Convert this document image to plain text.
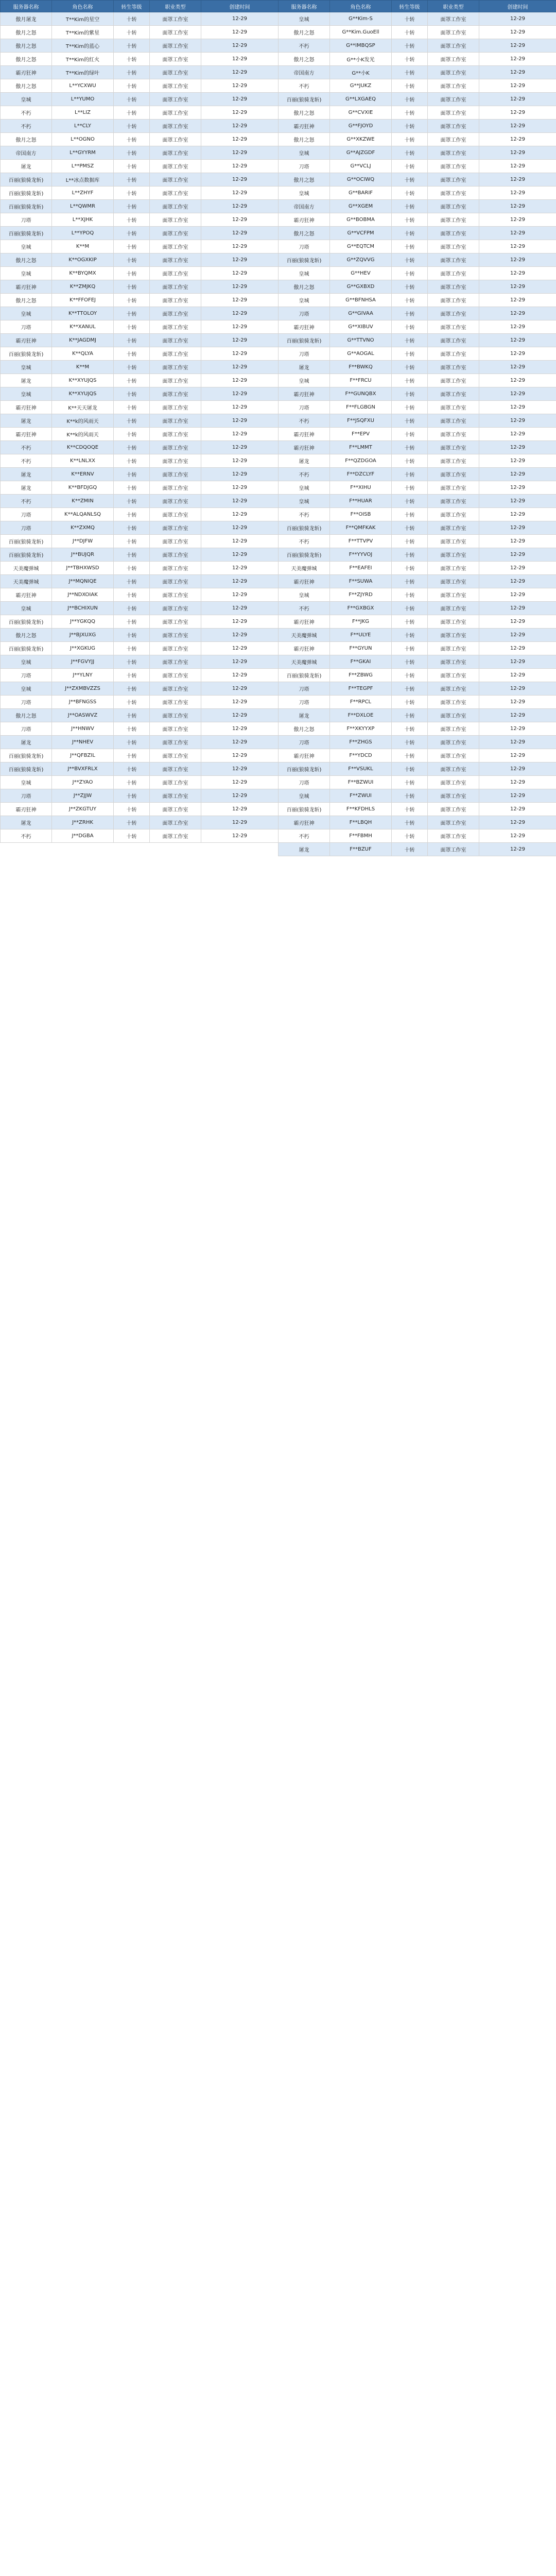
服务器名称	角色名称	转生等级	职业类型	创建时间
傲月屠龙	T**Kim的星空	十转	面罩工作室	12-29
傲月之怒	T**Kim的紫星	十转	面罩工作室	12-29
傲月之怒	T**Kim的蓝心	十转	面罩工作室	12-29
傲月之怒	T**Kim的红火	十转	面罩工作室	12-29
霸刃狂神	T**Kim的绿叶	十转	面罩工作室	12-29
傲月之怒	L**YCXWU	十转	面罩工作室	12-29
皇城	L**YUMO	十转	面罩工作室	12-29
不朽	L**LIZ	十转	面罩工作室	12-29
不朽	L**CLY	十转	面罩工作室	12-29
傲月之怒	L**OGNO	十转	面罩工作室	12-29
帝国南方	L**GYYRM	十转	面罩工作室	12-29
屠龙	L**PMSZ	十转	面罩工作室	12-29
百丽(狼骑龙斩)	L**冰点数据库	十转	面罩工作室	12-29
百丽(狼骑龙斩)	L**ZHYF	十转	面罩工作室	12-29
百丽(狼骑龙斩)	L**QWMR	十转	面罩工作室	12-29
刀塔	L**XJHK	十转	面罩工作室	12-29
百丽(狼骑龙斩)	L**YPOQ	十转	面罩工作室	12-29
皇城	K**M	十转	面罩工作室	12-29
傲月之怒	K**OGXKIP	十转	面罩工作室	12-29
皇城	K**BYQMX	十转	面罩工作室	12-29
霸刃狂神	K**ZMJKQ	十转	面罩工作室	12-29
傲月之怒	K**FFOFEJ	十转	面罩工作室	12-29
皇城	K**TTOLOY	十转	面罩工作室	12-29
刀塔	K**XANUL	十转	面罩工作室	12-29
霸刃狂神	K**JAGDMJ	十转	面罩工作室	12-29
百丽(狼骑龙斩)	K**QLYA	十转	面罩工作室	12-29
皇城	K**M	十转	面罩工作室	12-29
屠龙	K**XYUJQS	十转	面罩工作室	12-29
皇城	K**XYUJQS	十转	面罩工作室	12-29
霸刃狂神	K**天天屠龙	十转	面罩工作室	12-29
屠龙	K**k的风雨天	十转	面罩工作室	12-29
霸刃狂神	K**k的风雨天	十转	面罩工作室	12-29
不朽	K**CDQOQE	十转	面罩工作室	12-29
不朽	K**LNLXX	十转	面罩工作室	12-29
屠龙	K**ERNV	十转	面罩工作室	12-29
屠龙	K**BFDJGQ	十转	面罩工作室	12-29
不朽	K**ZMIN	十转	面罩工作室	12-29
刀塔	K**ALQANLSQ	十转	面罩工作室	12-29
刀塔	K**ZXMQ	十转	面罩工作室	12-29
百丽(狼骑龙斩)	J**DJFW	十转	面罩工作室	12-29
百丽(狼骑龙斩)	J**BUJQR	十转	面罩工作室	12-29
天美魔弹城	J**TBHXWSD	十转	面罩工作室	12-29
天美魔弹城	J**MQNIQE	十转	面罩工作室	12-29
霸刃狂神	J**NDXOIAK	十转	面罩工作室	12-29
皇城	J**BCHIXUN	十转	面罩工作室	12-29
百丽(狼骑龙斩)	J**YGKQQ	十转	面罩工作室	12-29
傲月之怒	J**BJXUXG	十转	面罩工作室	12-29
百丽(狼骑龙斩)	J**XGKUG	十转	面罩工作室	12-29
皇城	J**FGVYJJ	十转	面罩工作室	12-29
刀塔	J**YLNY	十转	面罩工作室	12-29
皇城	J**ZXMBVZZS	十转	面罩工作室	12-29
刀塔	J**BFNGSS	十转	面罩工作室	12-29
傲月之怒	J**OASWVZ	十转	面罩工作室	12-29
刀塔	J**HNWV	十转	面罩工作室	12-29
屠龙	J**NHEV	十转	面罩工作室	12-29
百丽(狼骑龙斩)	J**QFBZIL	十转	面罩工作室	12-29
百丽(狼骑龙斩)	J**BVXFRLX	十转	面罩工作室	12-29
皇城	J**ZYAO	十转	面罩工作室	12-29
刀塔	J**ZJJW	十转	面罩工作室	12-29
霸刃狂神	J**ZKGTUY	十转	面罩工作室	12-29
屠龙	J**ZRHK	十转	面罩工作室	12-29
不朽	J**DGBA	十转	面罩工作室	12-29
服务器名称	角色名称	转生等级	职业类型	创建时间
皇城	G**Kim-S	十转	面罩工作室	12-29
傲月之怒	G**Kim.GuoEll	十转	面罩工作室	12-29
不朽	G**IMBQSP	十转	面罩工作室	12-29
傲月之怒	G**小K发光	十转	面罩工作室	12-29
帝国南方	G**小K	十转	面罩工作室	12-29
不朽	G**JUKZ	十转	面罩工作室	12-29
百丽(狼骑龙斩)	G**LXGAEQ	十转	面罩工作室	12-29
傲月之怒	G**CVXIE	十转	面罩工作室	12-29
霸刃狂神	G**FJOYD	十转	面罩工作室	12-29
傲月之怒	G**XKZWE	十转	面罩工作室	12-29
皇城	G**AJZGDF	十转	面罩工作室	12-29
刀塔	G**VCLJ	十转	面罩工作室	12-29
傲月之怒	G**OCIWQ	十转	面罩工作室	12-29
皇城	G**BARIF	十转	面罩工作室	12-29
帝国南方	G**XGEM	十转	面罩工作室	12-29
霸刃狂神	G**BOBMA	十转	面罩工作室	12-29
傲月之怒	G**VCFPM	十转	面罩工作室	12-29
刀塔	G**EQTCM	十转	面罩工作室	12-29
百丽(狼骑龙斩)	G**ZQVVG	十转	面罩工作室	12-29
皇城	G**HEV	十转	面罩工作室	12-29
傲月之怒	G**GXBXD	十转	面罩工作室	12-29
皇城	G**BFNHSA	十转	面罩工作室	12-29
刀塔	G**GIVAA	十转	面罩工作室	12-29
霸刃狂神	G**XIBUV	十转	面罩工作室	12-29
百丽(狼骑龙斩)	G**TTVNO	十转	面罩工作室	12-29
刀塔	G**AOGAL	十转	面罩工作室	12-29
屠龙	F**BWKQ	十转	面罩工作室	12-29
皇城	F**FRCU	十转	面罩工作室	12-29
霸刃狂神	F**GUNQBX	十转	面罩工作室	12-29
刀塔	F**FLGBGN	十转	面罩工作室	12-29
不朽	F**JSQFXU	十转	面罩工作室	12-29
霸刃狂神	F**EPV	十转	面罩工作室	12-29
霸刃狂神	F**LMMT	十转	面罩工作室	12-29
屠龙	F**QZDGOA	十转	面罩工作室	12-29
不朽	F**DZCLYF	十转	面罩工作室	12-29
皇城	F**XIHU	十转	面罩工作室	12-29
皇城	F**HUAR	十转	面罩工作室	12-29
不朽	F**OISB	十转	面罩工作室	12-29
百丽(狼骑龙斩)	F**QMFKAK	十转	面罩工作室	12-29
不朽	F**TTVPV	十转	面罩工作室	12-29
百丽(狼骑龙斩)	F**YYVOJ	十转	面罩工作室	12-29
天美魔弹城	F**EAFEI	十转	面罩工作室	12-29
霸刃狂神	F**SUWA	十转	面罩工作室	12-29
皇城	F**ZJYRD	十转	面罩工作室	12-29
不朽	F**GXBGX	十转	面罩工作室	12-29
霸刃狂神	F**JKG	十转	面罩工作室	12-29
天美魔弹城	F**ULYE	十转	面罩工作室	12-29
霸刃狂神	F**GYUN	十转	面罩工作室	12-29
天美魔弹城	F**GKAI	十转	面罩工作室	12-29
百丽(狼骑龙斩)	F**ZBWG	十转	面罩工作室	12-29
刀塔	F**TEGPF	十转	面罩工作室	12-29
刀塔	F**RPCL	十转	面罩工作室	12-29
屠龙	F**DXLOE	十转	面罩工作室	12-29
傲月之怒	F**XKYYXP	十转	面罩工作室	12-29
刀塔	F**ZHGS	十转	面罩工作室	12-29
霸刃狂神	F**YDCD	十转	面罩工作室	12-29
百丽(狼骑龙斩)	F**VSUKL	十转	面罩工作室	12-29
刀塔	F**BZWUI	十转	面罩工作室	12-29
皇城	F**ZWUI	十转	面罩工作室	12-29
百丽(狼骑龙斩)	F**KFDHLS	十转	面罩工作室	12-29
霸刃狂神	F**LBQH	十转	面罩工作室	12-29
不朽	F**FBMH	十转	面罩工作室	12-29
屠龙	F**BZUF	十转	面罩工作室	12-29
